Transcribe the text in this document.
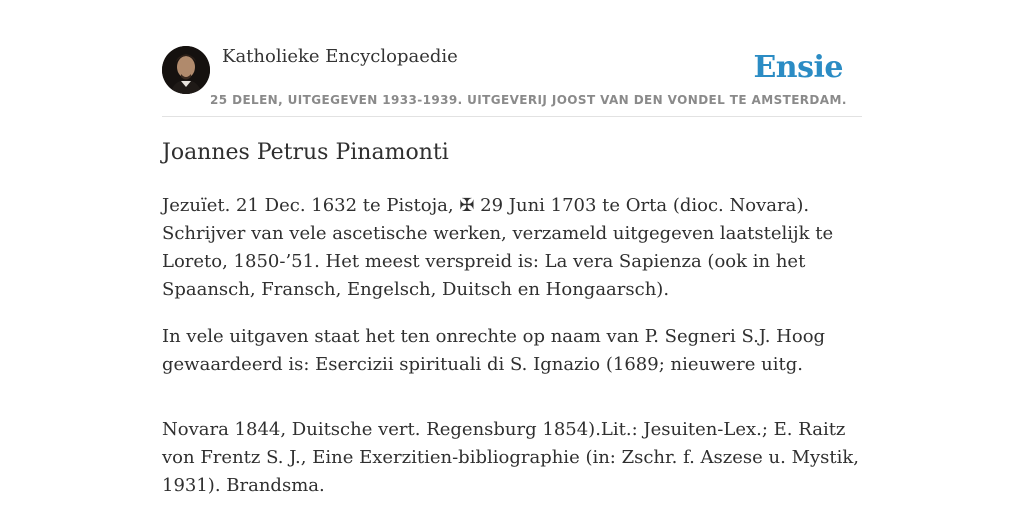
Katholieke Encyclopaedie	Ensie
25 DELEN, UITGEGEVEN 1933-1939. UITGEVERIJ JOOST VAN DEN VONDEL TE AMSTERDAM.
Joannes Petrus Pinamonti

Jezuïet. 21 Dec. 1632 te Pistoja, ✠ 29 Juni 1703 te Orta (dioc. Novara). Schrijver van vele ascetische werken, verzameld uitgegeven laatstelijk te Loreto, 1850-’51. Het meest verspreid is: La vera Sapienza (ook in het Spaansch, Fransch, Engelsch, Duitsch en Hongaarsch).

In vele uitgaven staat het ten onrechte op naam van P. Segneri S.J. Hoog gewaardeerd is: Esercizii spirituali di S. Ignazio (1689; nieuwere uitg.

Novara 1844, Duitsche vert. Regensburg 1854).Lit.: Jesuiten-Lex.; E. Raitz von Frentz S. J., Eine Exerzitien-bibliographie (in: Zschr. f. Aszese u. Mystik, 1931). Brandsma.
